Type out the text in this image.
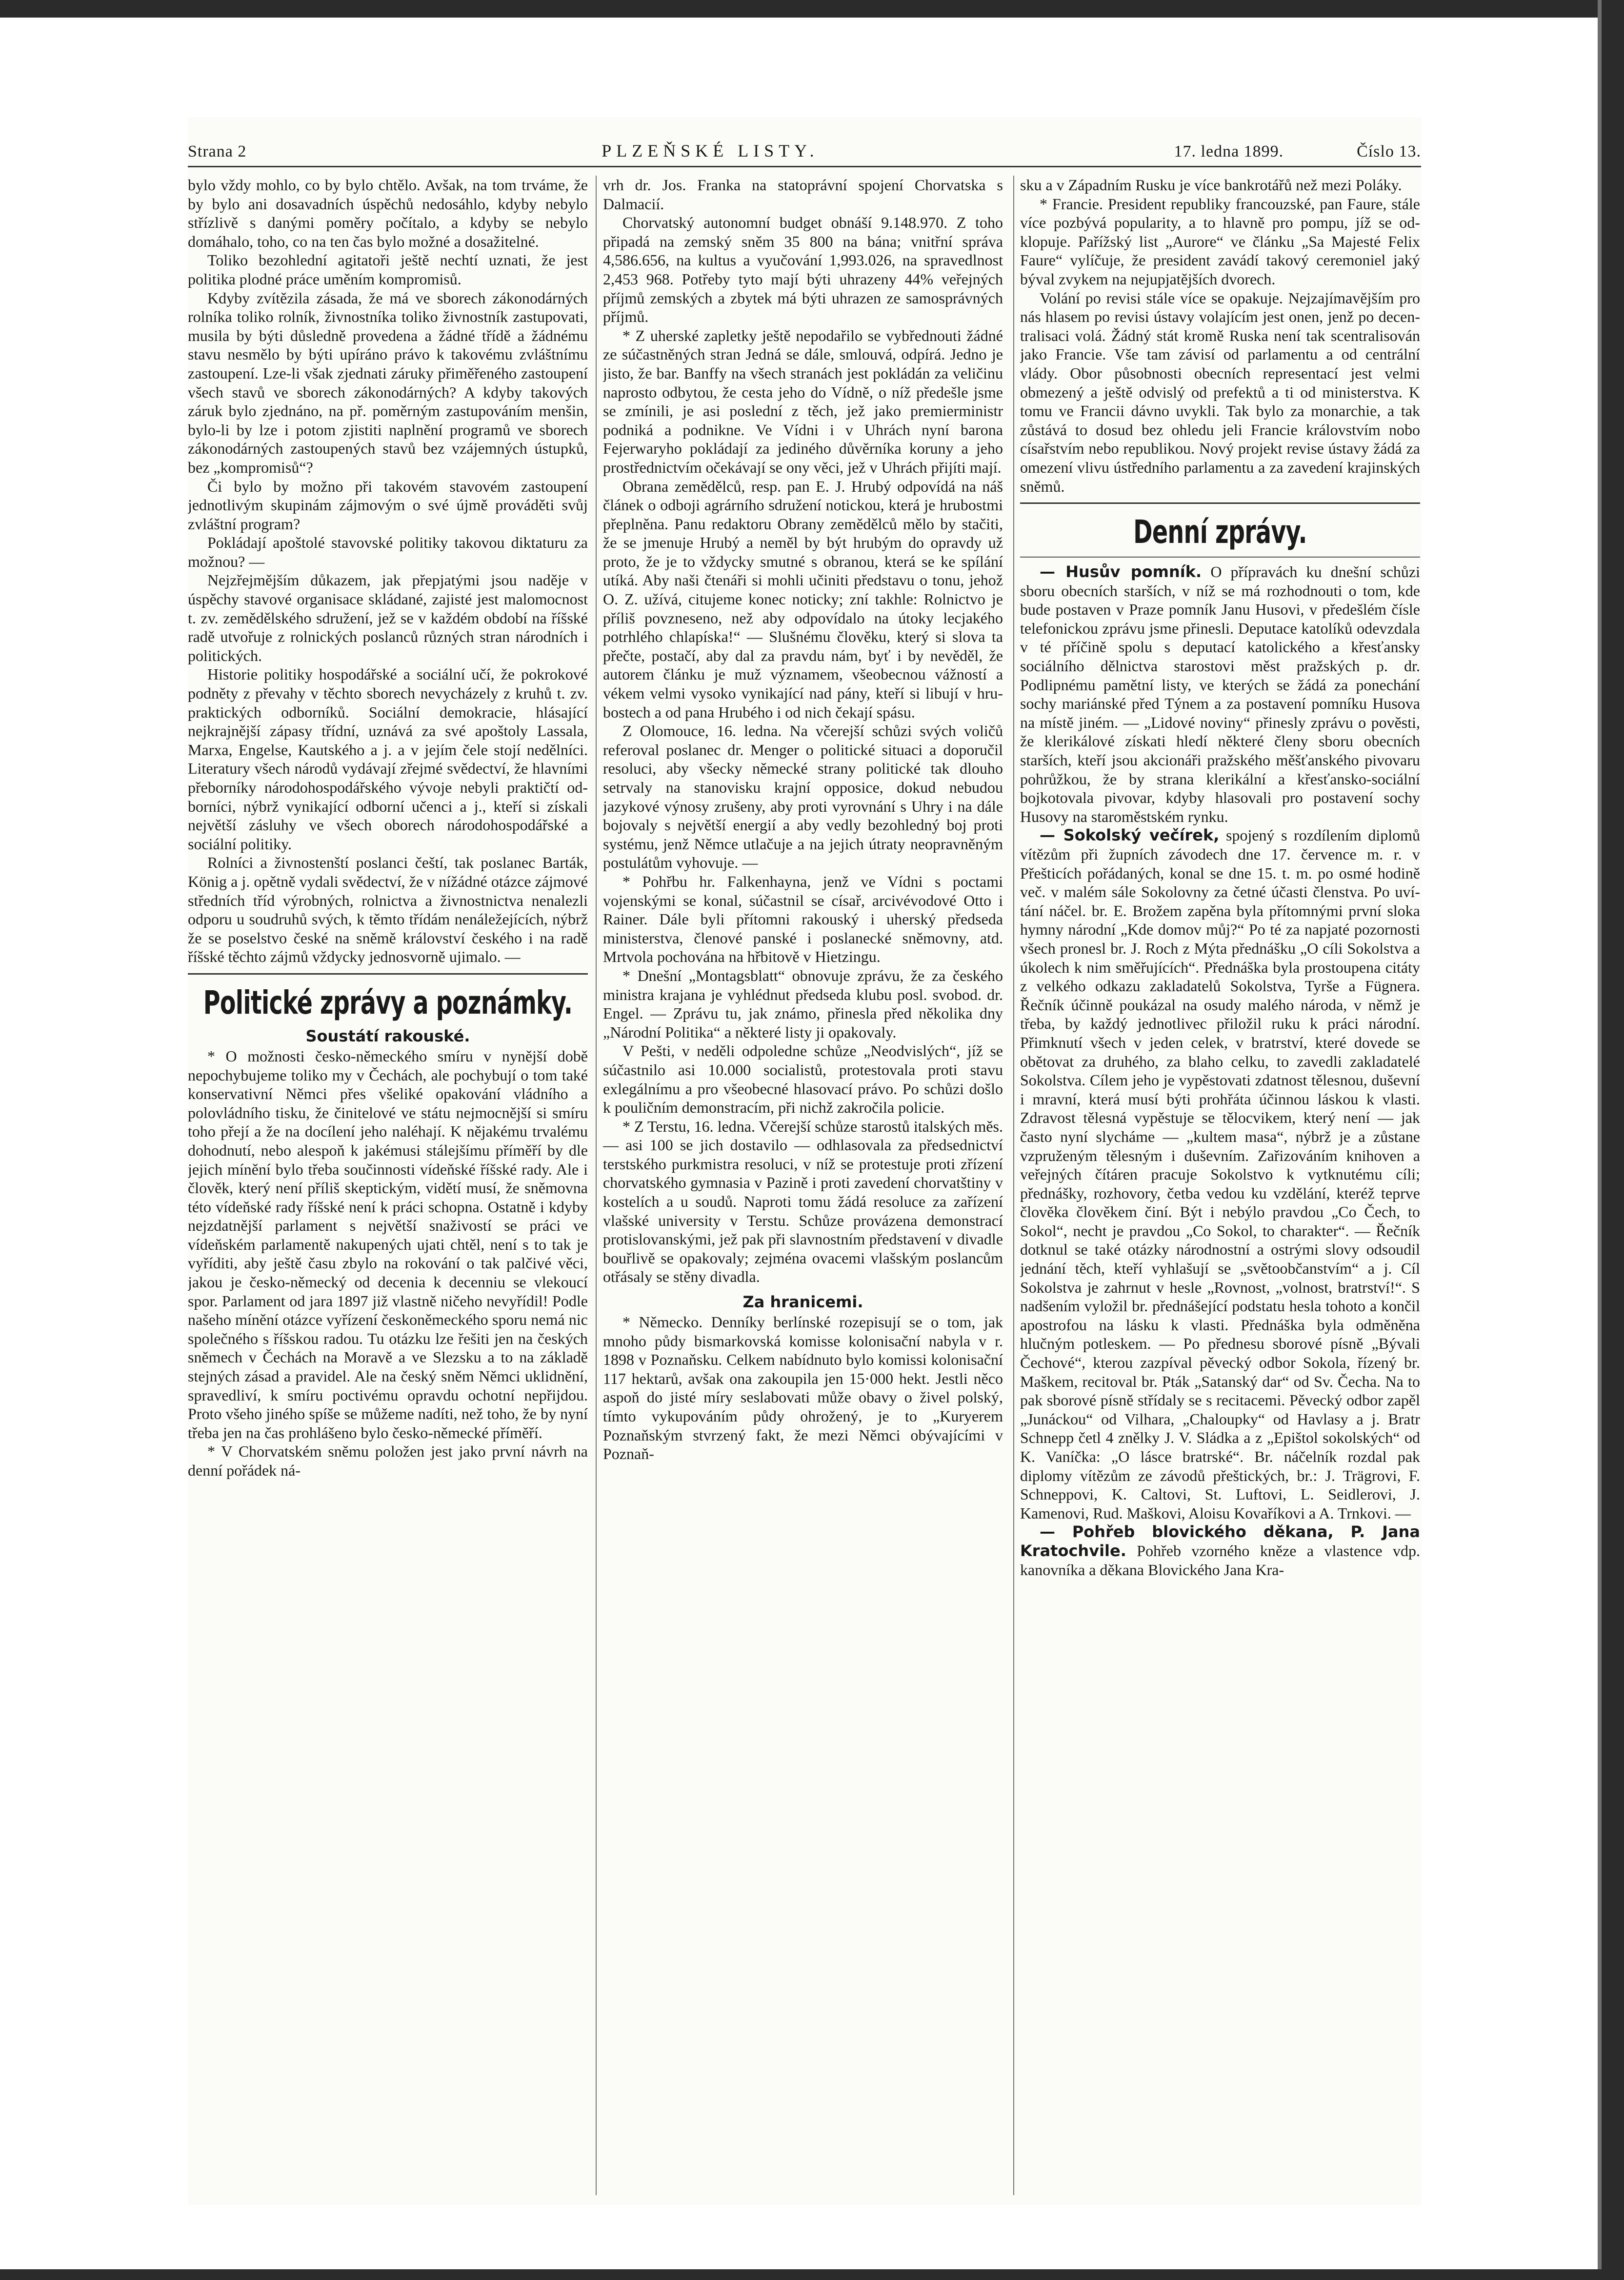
Strana 2	PLZEŇSKÉ LISTY.	17. ledna 1899.	Číslo 13.

bylo vždy mohlo, co by bylo chtělo. Avšak, na tom trváme, že by bylo ani dosavadních úspěchů nedosáhlo, kdyby nebylo střízlivě s danými poměry počítalo, a kdyby se nebylo domáhalo, toho, co na ten čas bylo možné a dosažitelné.

Toliko bezohlední agitatoři ještě nechtí uznati, že jest politika plodné práce uměním kompromisů.

Kdyby zvítězila zásada, že má ve sborech zákonodárných rolníka toliko rolník, živnostníka toliko živnostník zastupovati, musila by býti důsledně provedena a žádné třídě a žádnému stavu nesmělo by býti upíráno právo k takovému zvláštnímu zastoupení. Lze-li však zjednati záruky přiměřeného zastoupení všech stavů ve sborech zákonodárných? A kdyby takových záruk bylo zjednáno, na př. poměrným zastupováním menšin, bylo-li by lze i potom zjistiti naplnění programů ve sborech zákonodárných zastoupených stavů bez vzájemných ústupků, bez „kompromisů“?

Či bylo by možno při takovém stavovém zastoupení jednotlivým skupinám zájmovým o své újmě prováděti svůj zvláštní program?

Pokládají apoštolé stavovské politiky takovou diktaturu za možnou? —

Nejzřejmějším důkazem, jak přepjatými jsou naděje v úspěchy stavové organisace skládané, zajisté jest malomocnost t. zv. zemědělského sdružení, jež se v každém období na říšské radě utvořuje z rolnických poslanců různých stran národních i politických.

Historie politiky hospodářské a sociální učí, že pokrokové podněty z převahy v těchto sborech nevycházely z kruhů t. zv. praktických odborníků. Sociální demokracie, hlásající nejkrajnější zápasy třídní, uznává za své apoštoly Lassala, Marxa, Engelse, Kautského a j. a v jejím čele stojí nedělníci. Literatury všech národů vydávají zřejmé svědectví, že hlavními přeborníky národohospodářského vývoje nebyli praktičtí odborníci, nýbrž vynikající odborní učenci a j., kteří si získali největší zásluhy ve všech oborech národohospodářské a sociální politiky.

Rolníci a živnostenští poslanci čeští, tak poslanec Barták, König a j. opětně vydali svědectví, že v nížádné otázce zájmové středních tříd výrobných, rolnictva a živnostnictva nenalezli odporu u soudruhů svých, k těmto třídám nenáležejících, nýbrž že se poselstvo české na sněmě království českého i na radě říšské těchto zájmů vždycky jednosvorně ujimalo. —

Politické zprávy a poznámky.
Soustátí rakouské.

* O možnosti česko-německého smíru v nynější době nepochybujeme toliko my v Čechách, ale pochybují o tom také konservativní Němci přes všeliké opakování vládního a polovládního tisku, že činitelové ve státu nejmocnější si smíru toho přejí a že na docílení jeho naléhají. K nějakému trvalému dohodnutí, nebo alespoň k jakémusi stálejšímu příměří by dle jejich mínění bylo třeba součinnosti vídeňské říšské rady. Ale i člověk, který není příliš skeptickým, vidětí musí, že sněmovna této vídeňské rady říšské není k práci schopna. Ostatně i kdyby nejzdatnější parlament s největší snaživostí se práci ve vídeňském parlamentě nakupených ujati chtěl, není s to tak je vyříditi, aby ještě času zbylo na rokování o tak palčivé věci, jakou je česko-německý od decenia k decenniu se vlekoucí spor. Parlament od jara 1897 již vlastně ničeho nevyřídil! Podle našeho mínění otázce vyřízení českoněmeckého sporu nemá nic společného s říšskou radou. Tu otázku lze řešiti jen na českých sněmech v Čechách na Moravě a ve Slezsku a to na základě stejných zásad a pravidel. Ale na český sněm Němci uklidnění, spravedliví, k smíru poctivému opravdu ochotní nepřijdou. Proto všeho jiného spíše se můžeme nadíti, než toho, že by nyní třeba jen na čas prohlášeno bylo česko-německé příměří.

* V Chorvatském sněmu položen jest jako první návrh na denní pořádek ná-

vrh dr. Jos. Franka na statoprávní spojení Chorvatska s Dalmacií.

Chorvatský autonomní budget obnáší 9.148.970. Z toho připadá na zemský sněm 35 800 na bána; vnitřní správa 4,586.656, na kultus a vyučování 1,993.026, na spravedlnost 2,453 968. Potřeby tyto mají býti uhrazeny 44% veřejných příjmů zemských a zbytek má býti uhrazen ze samosprávných příjmů.

* Z uherské zapletky ještě nepodařilo se vybřednouti žádné ze súčastněných stran Jedná se dále, smlouvá, odpírá. Jedno je jisto, že bar. Banffy na všech stranách jest pokládán za veličinu naprosto odbytou, že cesta jeho do Vídně, o níž předešle jsme se zmínili, je asi poslední z těch, jež jako premierministr podniká a podnikne. Ve Vídni i v Uhrách nyní barona Fejerwaryho pokládají za jediného důvěrníka koruny a jeho prostřednictvím očekávají se ony věci, jež v Uhrách přijíti mají.

Obrana zemědělců, resp. pan E. J. Hrubý odpovídá na náš článek o odboji agrárního sdružení notickou, která je hrubostmi přeplněna. Panu redaktoru Obrany zemědělců mělo by stačiti, že se jmenuje Hrubý a neměl by být hrubým do opravdy už proto, že je to vždycky smutné s obranou, která se ke spílání utíká. Aby naši čtenáři si mohli učiniti představu o tonu, jehož O. Z. užívá, citujeme konec noticky; zní takhle: Rolnictvo je příliš povzneseno, než aby odpovídalo na útoky lecjakého potrhlého chlapíska!“ — Slušnému člověku, který si slova ta přečte, postačí, aby dal za pravdu nám, byť i by nevěděl, že autorem článku je muž významem, všeobecnou vážností a vékem velmi vysoko vynikající nad pány, kteří si libují v hrubostech a od pana Hrubého i od nich čekají spásu.

Z Olomouce, 16. ledna. Na včerejší schůzi svých voličů referoval poslanec dr. Menger o politické situaci a doporučil resoluci, aby všecky německé strany politické tak dlouho setrvaly na stanovisku krajní opposice, dokud nebudou jazykové výnosy zrušeny, aby proti vyrovnání s Uhry i na dále bojovaly s největší energií a aby vedly bezohledný boj proti systému, jenž Němce utlačuje a na jejich útraty neopravněným postulátům vyhovuje. —

* Pohřbu hr. Falkenhayna, jenž ve Vídni s poctami vojenskými se konal, súčastnil se císař, arcivévodové Otto i Rainer. Dále byli přítomni rakouský i uherský předseda ministerstva, členové panské i poslanecké sněmovny, atd. Mrtvola pochována na hřbitově v Hietzingu.

* Dnešní „Montagsblatt“ obnovuje zprávu, že za českého ministra krajana je vyhlédnut předseda klubu posl. svobod. dr. Engel. — Zprávu tu, jak známo, přinesla před několika dny „Národní Politika“ a některé listy ji opakovaly.

V Pešti, v neděli odpoledne schůze „Neodvislých“, jíž se súčastnilo asi 10.000 socialistů, protestovala proti stavu exlegálnímu a pro všeobecné hlasovací právo. Po schůzi došlo k pouličním demonstracím, při nichž zakročila policie.

* Z Terstu, 16. ledna. Včerejší schůze starostů italských měs. — asi 100 se jich dostavilo — odhlasovala za předsednictví terstského purkmistra resoluci, v níž se protestuje proti zřízení chorvatského gymnasia v Pazině i proti zavedení chorvatštiny v kostelích a u soudů. Naproti tomu žádá resoluce za zařízení vlašské university v Terstu. Schůze provázena demonstrací protislovanskými, jež pak při slavnostním představení v divadle bouřlivě se opakovaly; zejména ovacemi vlašským poslancům otřásaly se stěny divadla.

Za hranicemi.

* Německo. Denníky berlínské rozepisují se o tom, jak mnoho půdy bismarkovská komisse kolonisační nabyla v r. 1898 v Poznaňsku. Celkem nabídnuto bylo komissi kolonisační 117 hektarů, avšak ona zakoupila jen 15·000 hekt. Jestli něco aspoň do jisté míry seslabovati může obavy o živel polský, tímto vykupováním půdy ohrožený, je to „Kuryerem Poznaňským stvrzený fakt, že mezi Němci obývajícími v Poznaň-

sku a v Západním Rusku je více bankrotářů než mezi Poláky.

* Francie. President republiky francouzské, pan Faure, stále více pozbývá popularity, a to hlavně pro pompu, jíž se odklopuje. Pařížský list „Aurore“ ve článku „Sa Majesté Felix Faure“ vylíčuje, že president zavádí takový ceremoniel jaký býval zvykem na nejupjatějších dvorech.

Volání po revisi stále více se opakuje. Nejzajímavějším pro nás hlasem po revisi ústavy volajícím jest onen, jenž po decentralisaci volá. Žádný stát kromě Ruska není tak scentralisován jako Francie. Vše tam závisí od parlamentu a od centrální vlády. Obor působnosti obecních representací jest velmi obmezený a ještě odvislý od prefektů a ti od ministerstva. K tomu ve Francii dávno uvykli. Tak bylo za monarchie, a tak zůstává to dosud bez ohledu jeli Francie královstvím nobo císařstvím nebo republikou. Nový projekt revise ústavy žádá za omezení vlivu ústředního parlamentu a za zavedení krajinských sněmů.

Denní zprávy.

— Husův pomník. O přípravách ku dnešní schůzi sboru obecních starších, v níž se má rozhodnouti o tom, kde bude postaven v Praze pomník Janu Husovi, v předešlém čísle telefonickou zprávu jsme přinesli. Deputace katolíků odevzdala v té příčině spolu s deputací katolického a křesťansky sociálního dělnictva starostovi měst pražských p. dr. Podlipnému pamětní listy, ve kterých se žádá za ponechání sochy mariánské před Týnem a za postavení pomníku Husova na místě jiném. — „Lidové noviny“ přinesly zprávu o pověsti, že klerikálové získati hledí některé členy sboru obecních starších, kteří jsou akcionáři pražského měšťanského pivovaru pohrůžkou, že by strana klerikální a křesťansko-sociální bojkotovala pivovar, kdyby hlasovali pro postavení sochy Husovy na staroměstském rynku.

— Sokolský večírek, spojený s rozdílením diplomů vítězům při župních závodech dne 17. července m. r. v Přešticích pořádaných, konal se dne 15. t. m. po osmé hodině več. v malém sále Sokolovny za četné účasti členstva. Po uvítání náčel. br. E. Brožem zapěna byla přítomnými první sloka hymny národní „Kde domov můj?“ Po té za napjaté pozornosti všech pronesl br. J. Roch z Mýta přednášku „O cíli Sokolstva a úkolech k nim směřujících“. Přednáška byla prostoupena citáty z velkého odkazu zakladatelů Sokolstva, Tyrše a Fügnera. Řečník účinně poukázal na osudy malého národa, v němž je třeba, by každý jednotlivec přiložil ruku k práci národní. Přimknutí všech v jeden celek, v bratrství, které dovede se obětovat za druhého, za blaho celku, to zavedli zakladatelé Sokolstva. Cílem jeho je vypěstovati zdatnost tělesnou, duševní i mravní, která musí býti prohřáta účinnou láskou k vlasti. Zdravost tělesná vypěstuje se tělocvikem, který není — jak často nyní slycháme — „kultem masa“, nýbrž je a zůstane vzpruženým tělesným i duševním. Zařizováním knihoven a veřejných čítáren pracuje Sokolstvo k vytknutému cíli; přednášky, rozhovory, četba vedou ku vzdělání, kteréž teprve člověka člověkem činí. Být i nebýlo pravdou „Co Čech, to Sokol“, necht je pravdou „Co Sokol, to charakter“. — Řečník dotknul se také otázky národnostní a ostrými slovy odsoudil jednání těch, kteří vyhlašují se „světoobčanstvím“ a j. Cíl Sokolstva je zahrnut v hesle „Rovnost, „volnost, bratrství!“. S nadšením vyložil br. přednášející podstatu hesla tohoto a končil apostrofou na lásku k vlasti. Přednáška byla odměněna hlučným potleskem. — Po přednesu sborové písně „Bývali Čechové“, kterou zazpíval pěvecký odbor Sokola, řízený br. Maškem, recitoval br. Pták „Satanský dar“ od Sv. Čecha. Na to pak sborové písně střídaly se s recitacemi. Pěvecký odbor zapěl „Junáckou“ od Vilhara, „Chaloupky“ od Havlasy a j. Bratr Schnepp četl 4 znělky J. V. Sládka a z „Epištol sokolských“ od K. Vaníčka: „O lásce bratrské“. Br. náčelník rozdal pak diplomy vítězům ze závodů přeštických, br.: J. Trägrovi, F. Schneppovi, K. Caltovi, St. Luftovi, L. Seidlerovi, J. Kamenovi, Rud. Maškovi, Aloisu Kovaříkovi a A. Trnkovi. —

— Pohřeb blovického děkana, P. Jana Kratochvile. Pohřeb vzorného kněze a vlastence vdp. kanovníka a děkana Blovického Jana Kra-
